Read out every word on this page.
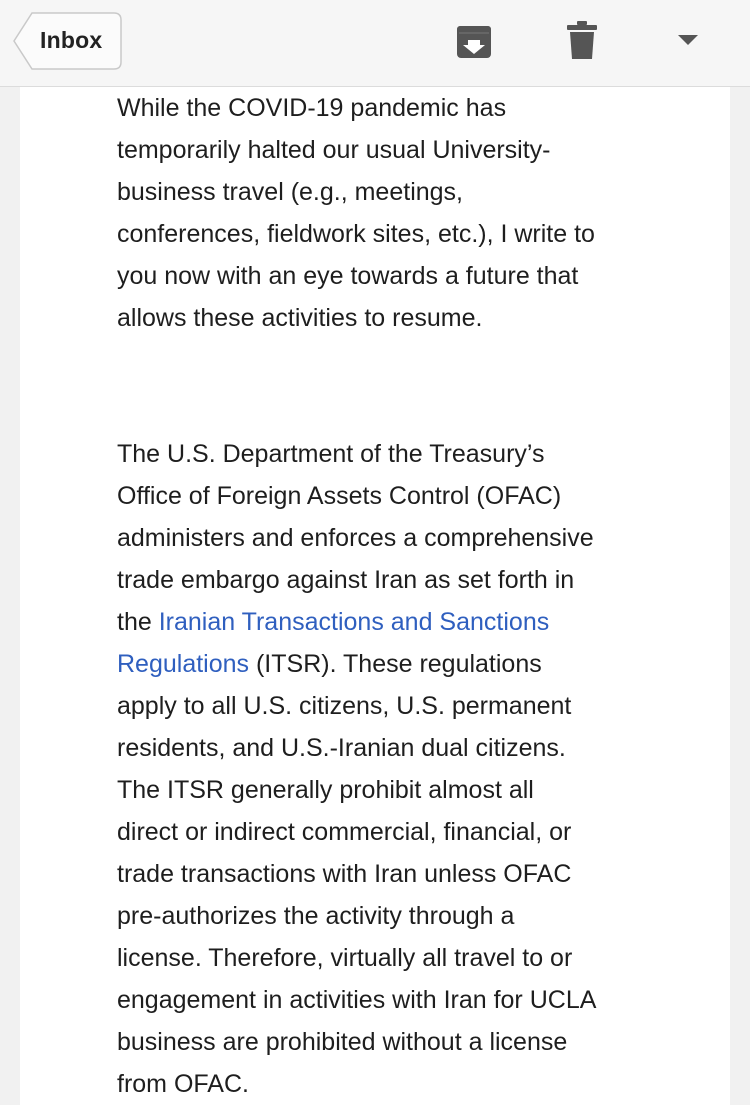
Inbox
While the COVID-19 pandemic has
temporarily halted our usual University-
business travel (e.g., meetings,
conferences, fieldwork sites, etc.), I write to
you now with an eye towards a future that
allows these activities to resume.
The U.S. Department of the Treasury’s
Office of Foreign Assets Control (OFAC)
administers and enforces a comprehensive
trade embargo against Iran as set forth in
the Iranian Transactions and Sanctions
Regulations (ITSR). These regulations
apply to all U.S. citizens, U.S. permanent
residents, and U.S.-Iranian dual citizens.
The ITSR generally prohibit almost all
direct or indirect commercial, financial, or
trade transactions with Iran unless OFAC
pre-authorizes the activity through a
license. Therefore, virtually all travel to or
engagement in activities with Iran for UCLA
business are prohibited without a license
from OFAC.
